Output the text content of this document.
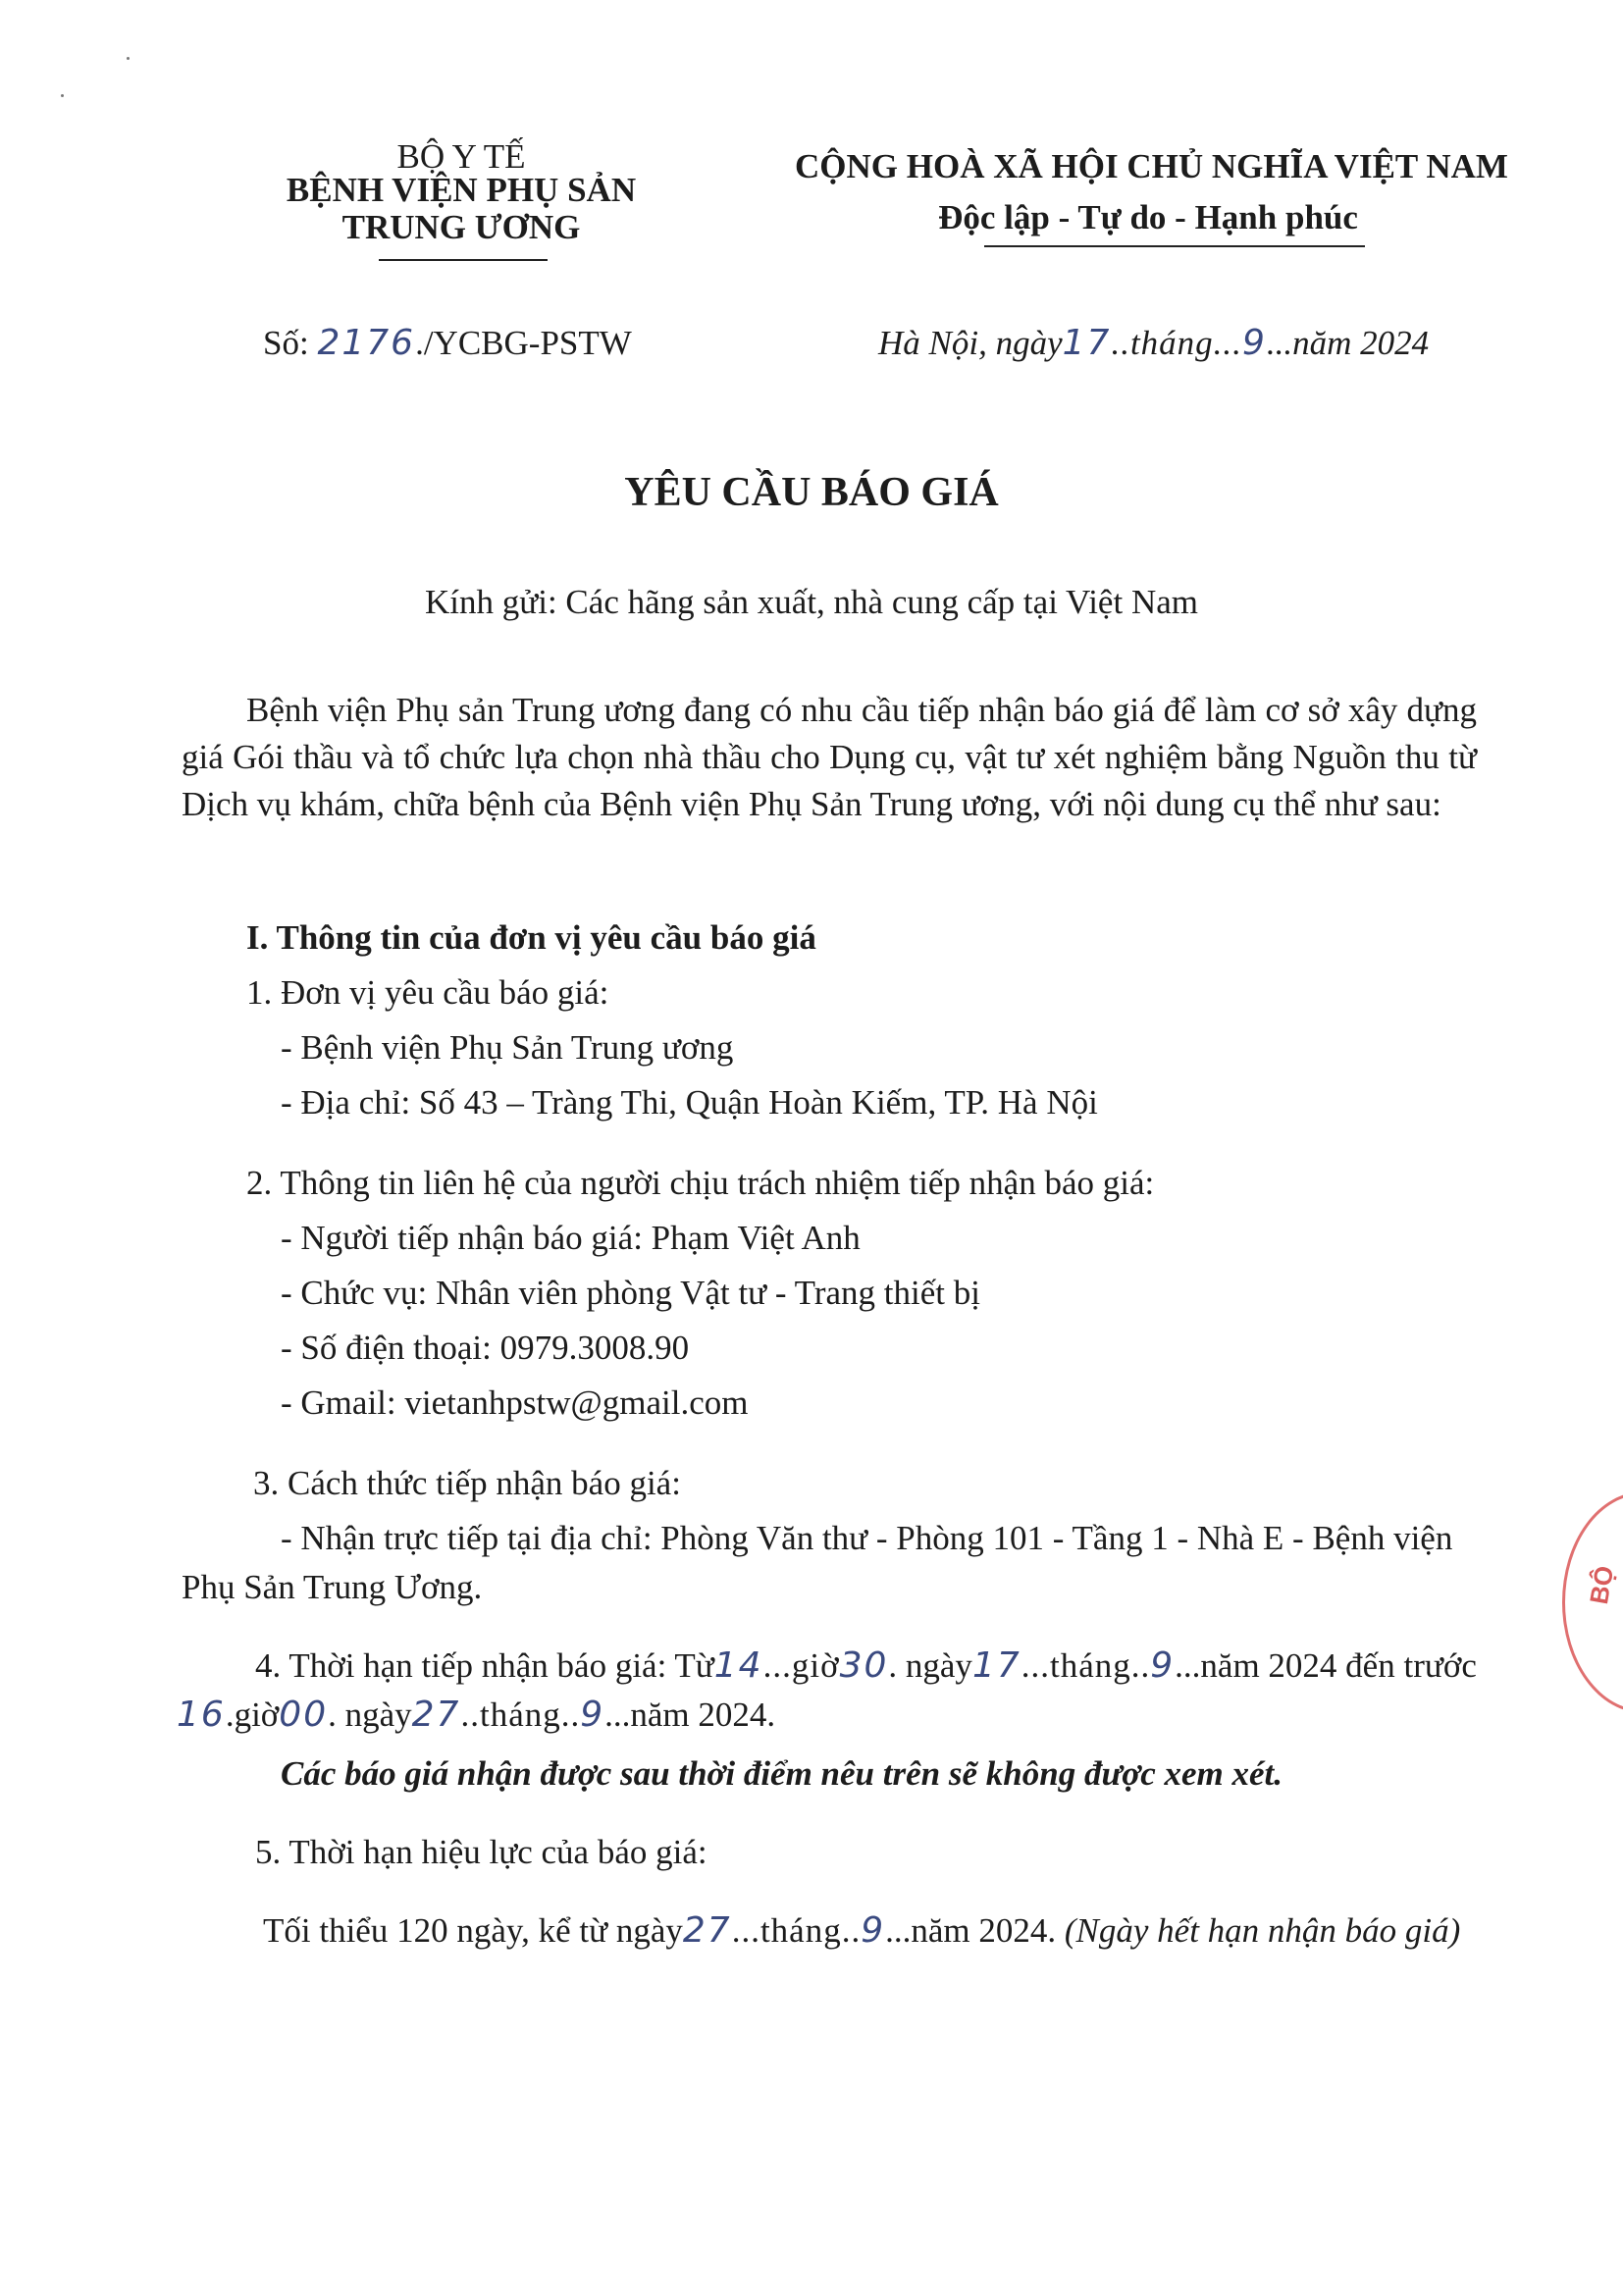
BỘ Y TẾ
BỆNH VIỆN PHỤ SẢN
TRUNG ƯƠNG
CỘNG HOÀ XÃ HỘI CHỦ NGHĨA VIỆT NAM
Độc lập - Tự do - Hạnh phúc
Số: 2176./YCBG-PSTW	Hà Nội, ngày17..tháng...9...năm 2024
YÊU CẦU BÁO GIÁ
Kính gửi: Các hãng sản xuất, nhà cung cấp tại Việt Nam
Bệnh viện Phụ sản Trung ương đang có nhu cầu tiếp nhận báo giá để làm cơ sở xây dựng giá Gói thầu và tổ chức lựa chọn nhà thầu cho Dụng cụ, vật tư xét nghiệm bằng Nguồn thu từ Dịch vụ khám, chữa bệnh của Bệnh viện Phụ Sản Trung ương, với nội dung cụ thể như sau:
I. Thông tin của đơn vị yêu cầu báo giá
1. Đơn vị yêu cầu báo giá:
- Bệnh viện Phụ Sản Trung ương
- Địa chỉ: Số 43 – Tràng Thi, Quận Hoàn Kiếm, TP. Hà Nội
2. Thông tin liên hệ của người chịu trách nhiệm tiếp nhận báo giá:
- Người tiếp nhận báo giá: Phạm Việt Anh
- Chức vụ: Nhân viên phòng Vật tư - Trang thiết bị
- Số điện thoại: 0979.3008.90
- Gmail: vietanhpstw@gmail.com
3. Cách thức tiếp nhận báo giá:
- Nhận trực tiếp tại địa chỉ: Phòng Văn thư - Phòng 101 - Tầng 1 - Nhà E - Bệnh viện
Phụ Sản Trung Ương.
4. Thời hạn tiếp nhận báo giá: Từ14...giờ30. ngày17...tháng..9...năm 2024 đến trước
16.giờ00. ngày27..tháng..9...năm 2024.
Các báo giá nhận được sau thời điểm nêu trên sẽ không được xem xét.
5. Thời hạn hiệu lực của báo giá:
Tối thiểu 120 ngày, kể từ ngày27...tháng..9...năm 2024. (Ngày hết hạn nhận báo giá)
BỘ
